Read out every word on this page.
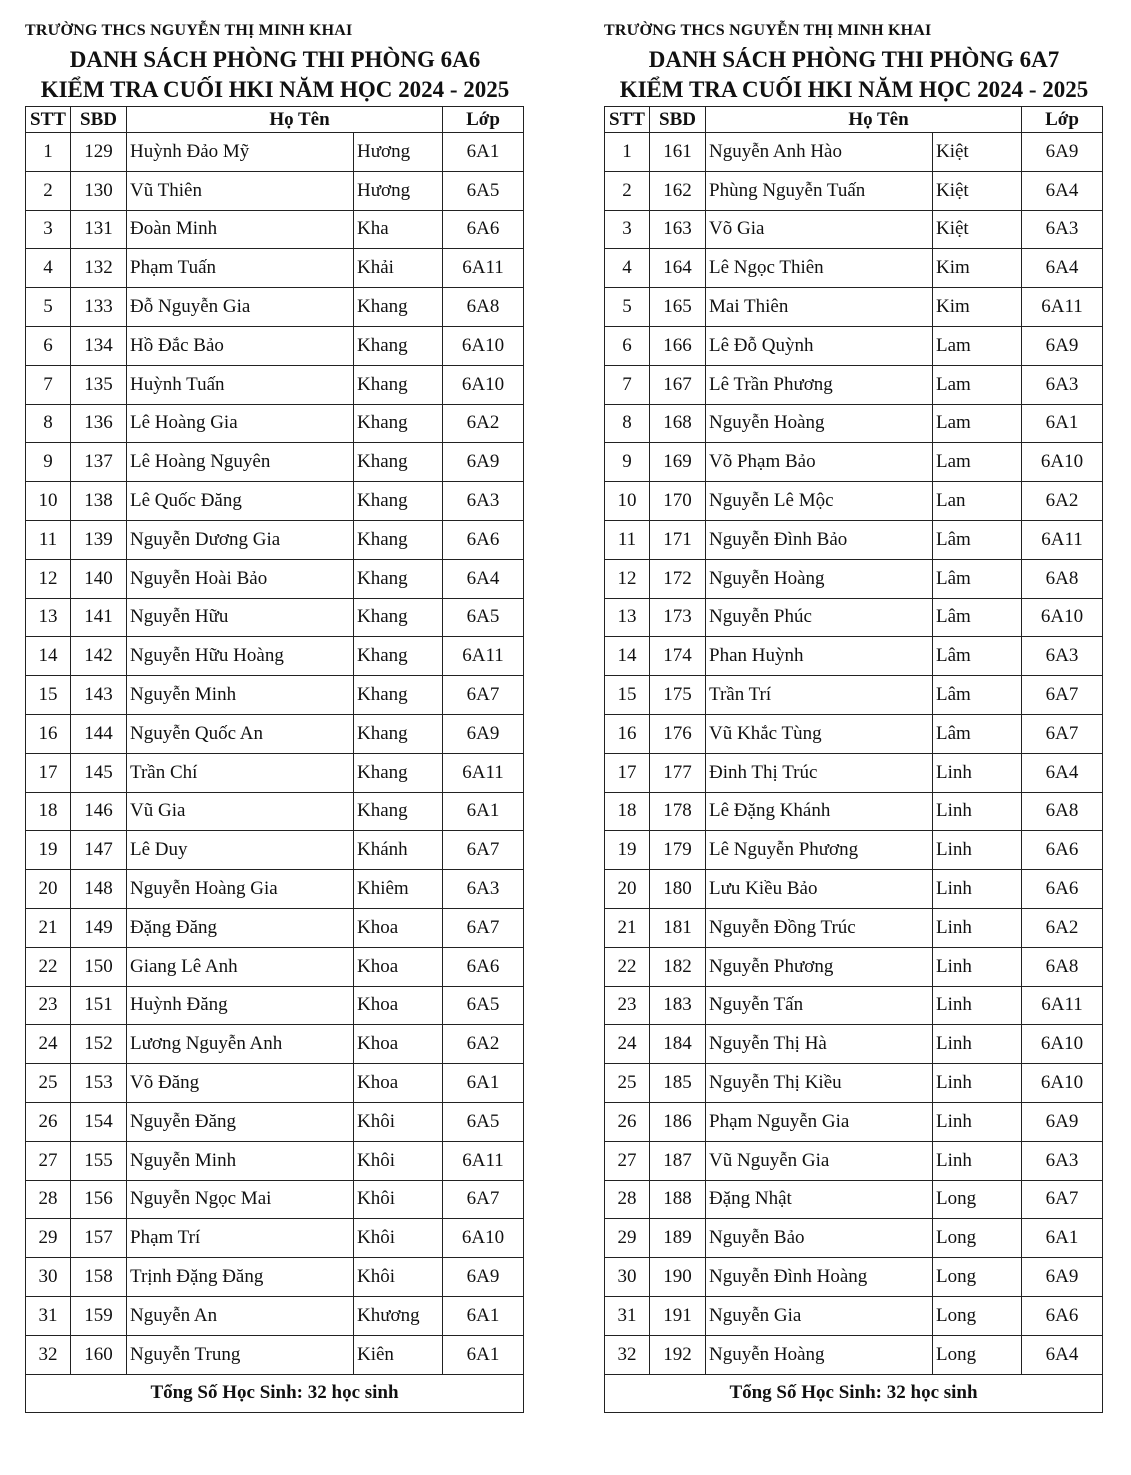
TRƯỜNG THCS NGUYỄN THỊ MINH KHAI
DANH SÁCH PHÒNG THI PHÒNG 6A6
KIỂM TRA CUỐI HKI NĂM HỌC 2024 - 2025
STT	SBD	Họ Tên		Lớp
1	129	Huỳnh Đảo Mỹ	Hương	6A1
2	130	Vũ Thiên	Hương	6A5
3	131	Đoàn Minh	Kha	6A6
4	132	Phạm Tuấn	Khải	6A11
5	133	Đỗ Nguyễn Gia	Khang	6A8
6	134	Hồ Đắc Bảo	Khang	6A10
7	135	Huỳnh Tuấn	Khang	6A10
8	136	Lê Hoàng Gia	Khang	6A2
9	137	Lê Hoàng Nguyên	Khang	6A9
10	138	Lê Quốc Đăng	Khang	6A3
11	139	Nguyễn Dương Gia	Khang	6A6
12	140	Nguyễn Hoài Bảo	Khang	6A4
13	141	Nguyễn Hữu	Khang	6A5
14	142	Nguyễn Hữu Hoàng	Khang	6A11
15	143	Nguyễn Minh	Khang	6A7
16	144	Nguyễn Quốc An	Khang	6A9
17	145	Trần Chí	Khang	6A11
18	146	Vũ Gia	Khang	6A1
19	147	Lê Duy	Khánh	6A7
20	148	Nguyễn Hoàng Gia	Khiêm	6A3
21	149	Đặng Đăng	Khoa	6A7
22	150	Giang Lê Anh	Khoa	6A6
23	151	Huỳnh Đăng	Khoa	6A5
24	152	Lương Nguyễn Anh	Khoa	6A2
25	153	Võ Đăng	Khoa	6A1
26	154	Nguyễn Đăng	Khôi	6A5
27	155	Nguyễn Minh	Khôi	6A11
28	156	Nguyễn Ngọc Mai	Khôi	6A7
29	157	Phạm Trí	Khôi	6A10
30	158	Trịnh Đặng Đăng	Khôi	6A9
31	159	Nguyễn An	Khương	6A1
32	160	Nguyễn Trung	Kiên	6A1
Tổng Số Học Sinh: 32 học sinh				
TRƯỜNG THCS NGUYỄN THỊ MINH KHAI
DANH SÁCH PHÒNG THI PHÒNG 6A7
KIỂM TRA CUỐI HKI NĂM HỌC 2024 - 2025
STT	SBD	Họ Tên		Lớp
1	161	Nguyễn Anh Hào	Kiệt	6A9
2	162	Phùng Nguyễn Tuấn	Kiệt	6A4
3	163	Võ Gia	Kiệt	6A3
4	164	Lê Ngọc Thiên	Kim	6A4
5	165	Mai Thiên	Kim	6A11
6	166	Lê Đỗ Quỳnh	Lam	6A9
7	167	Lê Trần Phương	Lam	6A3
8	168	Nguyễn Hoàng	Lam	6A1
9	169	Võ Phạm Bảo	Lam	6A10
10	170	Nguyễn Lê Mộc	Lan	6A2
11	171	Nguyễn Đình Bảo	Lâm	6A11
12	172	Nguyễn Hoàng	Lâm	6A8
13	173	Nguyễn Phúc	Lâm	6A10
14	174	Phan Huỳnh	Lâm	6A3
15	175	Trần Trí	Lâm	6A7
16	176	Vũ Khắc Tùng	Lâm	6A7
17	177	Đinh Thị Trúc	Linh	6A4
18	178	Lê Đặng Khánh	Linh	6A8
19	179	Lê Nguyễn Phương	Linh	6A6
20	180	Lưu Kiều Bảo	Linh	6A6
21	181	Nguyễn Đồng Trúc	Linh	6A2
22	182	Nguyễn Phương	Linh	6A8
23	183	Nguyễn Tấn	Linh	6A11
24	184	Nguyễn Thị Hà	Linh	6A10
25	185	Nguyễn Thị Kiều	Linh	6A10
26	186	Phạm Nguyễn Gia	Linh	6A9
27	187	Vũ Nguyễn Gia	Linh	6A3
28	188	Đặng Nhật	Long	6A7
29	189	Nguyễn Bảo	Long	6A1
30	190	Nguyễn Đình Hoàng	Long	6A9
31	191	Nguyễn Gia	Long	6A6
32	192	Nguyễn Hoàng	Long	6A4
Tổng Số Học Sinh: 32 học sinh				
